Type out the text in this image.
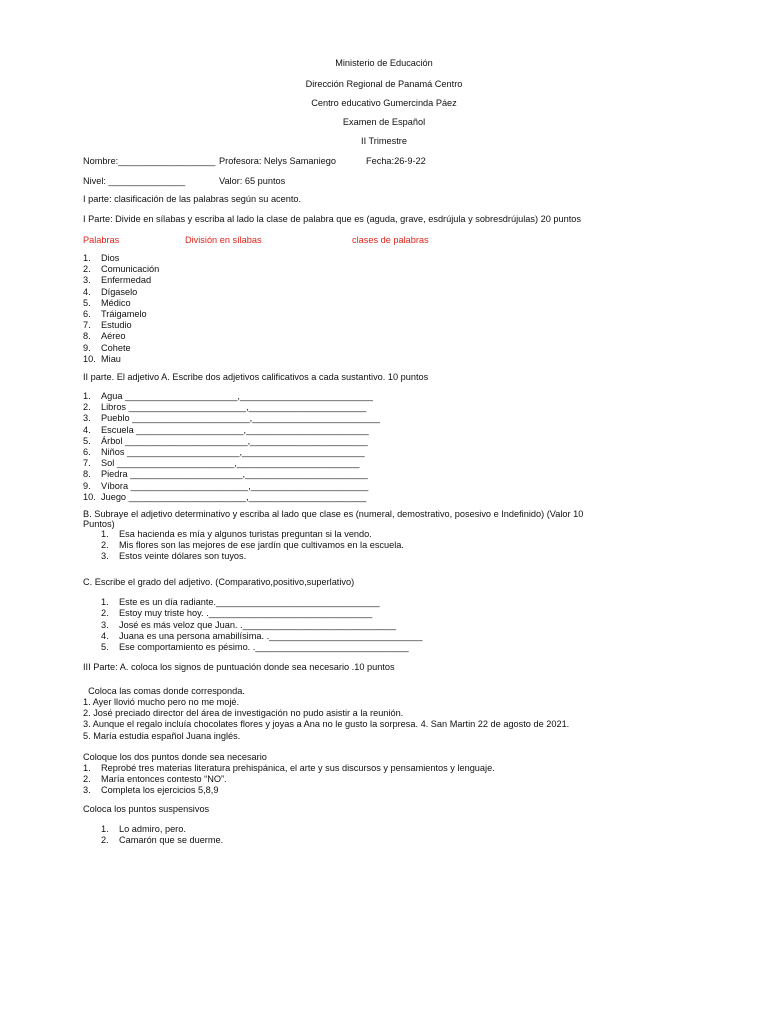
Ministerio de Educación
Dirección Regional de Panamá Centro
Centro educativo Gumercinda Páez
Examen de Español
II Trimestre
Nombre:___________________ Profesora: Nelys Samaniego	Fecha:26-9-22
Nivel: _______________	Valor: 65 puntos
I parte: clasificación de las palabras según su acento.
I Parte: Divide en sílabas y escriba al lado la clase de palabra que es (aguda, grave, esdrújula y sobresdrújulas) 20 puntos
Palabras	División en sílabas	clases de palabras
1. Dios
2. Comunicación
3. Enfermedad
4. Dígaselo
5. Médico
6. Tráigamelo
7. Estudio
8. Aéreo
9. Cohete
10. Miau
II parte. El adjetivo A. Escribe dos adjetivos calificativos a cada sustantivo. 10 puntos
1. Agua ______________________,__________________________
2. Libros _______________________,_______________________
3. Pueblo _______________________,_________________________
4. Escuela _____________________,________________________
5. Árbol ________________________,_______________________
6. Niños ______________________,________________________
7. Sol _______________________,________________________
8. Piedra ______________________,________________________
9. Víbora _______________________,_______________________
10. Juego _______________________,_______________________
B. Subraye el adjetivo determinativo y escriba al lado que clase es (numeral, demostrativo, posesivo e Indefinido) (Valor 10
Puntos)
1. Esa hacienda es mía y algunos turistas preguntan si la vendo.
2. Mis flores son las mejores de ese jardín que cultivamos en la escuela.
3. Estos veinte dólares son tuyos.
C. Escribe el grado del adjetivo. (Comparativo,positivo,superlativo)
1. Este es un día radiante.________________________________
2. Estoy muy triste hoy. .________________________________
3. José es más veloz que Juan. .______________________________
4. Juana es una persona amabilísima. .______________________________
5. Ese comportamiento es pésimo. .______________________________
III Parte: A. coloca los signos de puntuación donde sea necesario .10 puntos
Coloca las comas donde corresponda.
1. Ayer llovió mucho pero no me mojé.
2. José preciado director del área de investigación no pudo asistir a la reunión.
3. Aunque el regalo incluía chocolates flores y joyas a Ana no le gusto la sorpresa. 4. San Martin 22 de agosto de 2021.
5. María estudia español Juana inglés.
Coloque los dos puntos donde sea necesario
1. Reprobé tres materias literatura prehispánica, el arte y sus discursos y pensamientos y lenguaje.
2. María entonces contesto “NO”.
3. Completa los ejercicios 5,8,9
Coloca los puntos suspensivos
1. Lo admiro, pero.
2. Camarón que se duerme.
